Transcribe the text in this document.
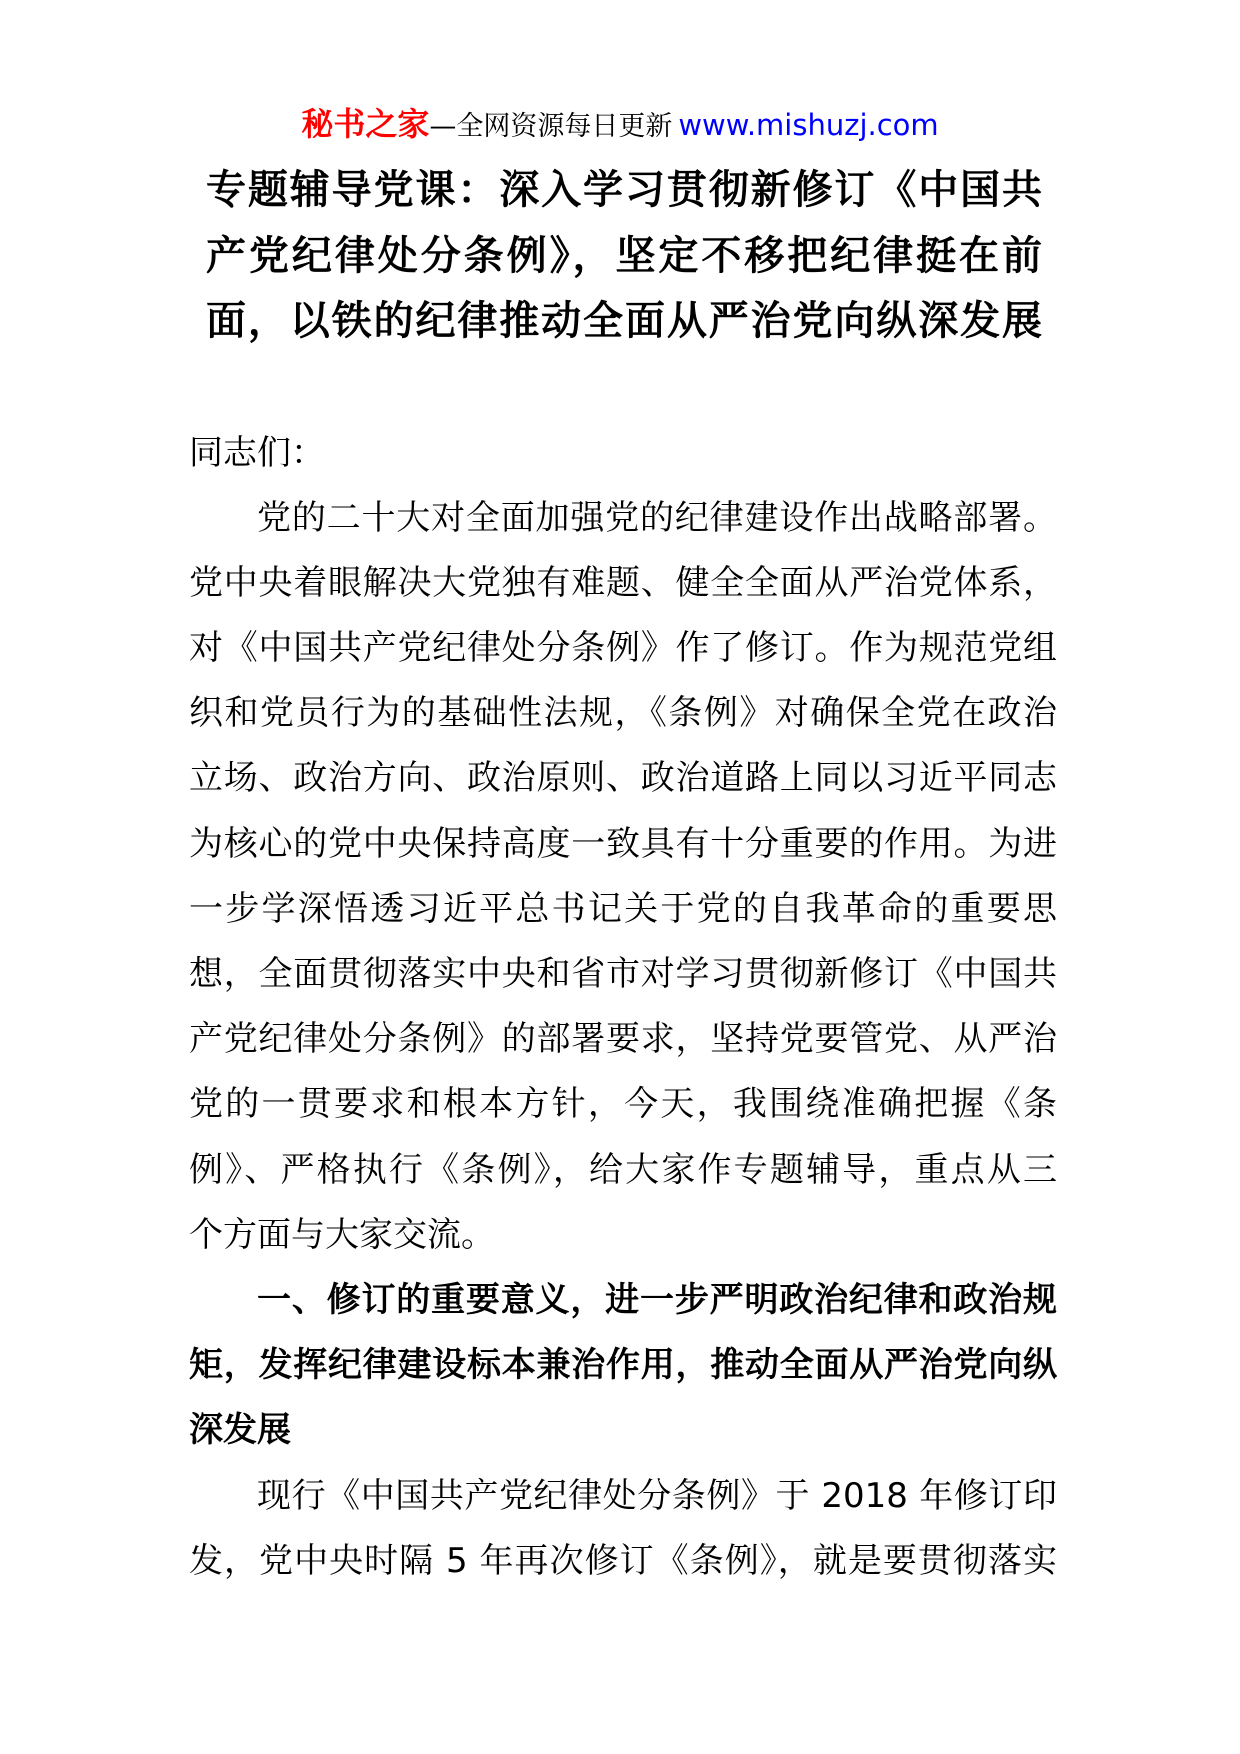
秘书之家—全网资源每日更新 www.mishuzj.com
专题辅导党课：深入学习贯彻新修订《中国共
产党纪律处分条例》，坚定不移把纪律挺在前
面，以铁的纪律推动全面从严治党向纵深发展
同志们：
党的二十大对全面加强党的纪律建设作出战略部署。
党中央着眼解决大党独有难题、健全全面从严治党体系，
对《中国共产党纪律处分条例》作了修订。作为规范党组
织和党员行为的基础性法规，《条例》对确保全党在政治
立场、政治方向、政治原则、政治道路上同以习近平同志
为核心的党中央保持高度一致具有十分重要的作用。为进
一步学深悟透习近平总书记关于党的自我革命的重要思
想，全面贯彻落实中央和省市对学习贯彻新修订《中国共
产党纪律处分条例》的部署要求，坚持党要管党、从严治
党的一贯要求和根本方针，今天，我围绕准确把握《条
例》、严格执行《条例》，给大家作专题辅导，重点从三
个方面与大家交流。
一、修订的重要意义，进一步严明政治纪律和政治规
矩，发挥纪律建设标本兼治作用，推动全面从严治党向纵
深发展
现行《中国共产党纪律处分条例》于 2018 年修订印
发，党中央时隔 5 年再次修订《条例》，就是要贯彻落实
